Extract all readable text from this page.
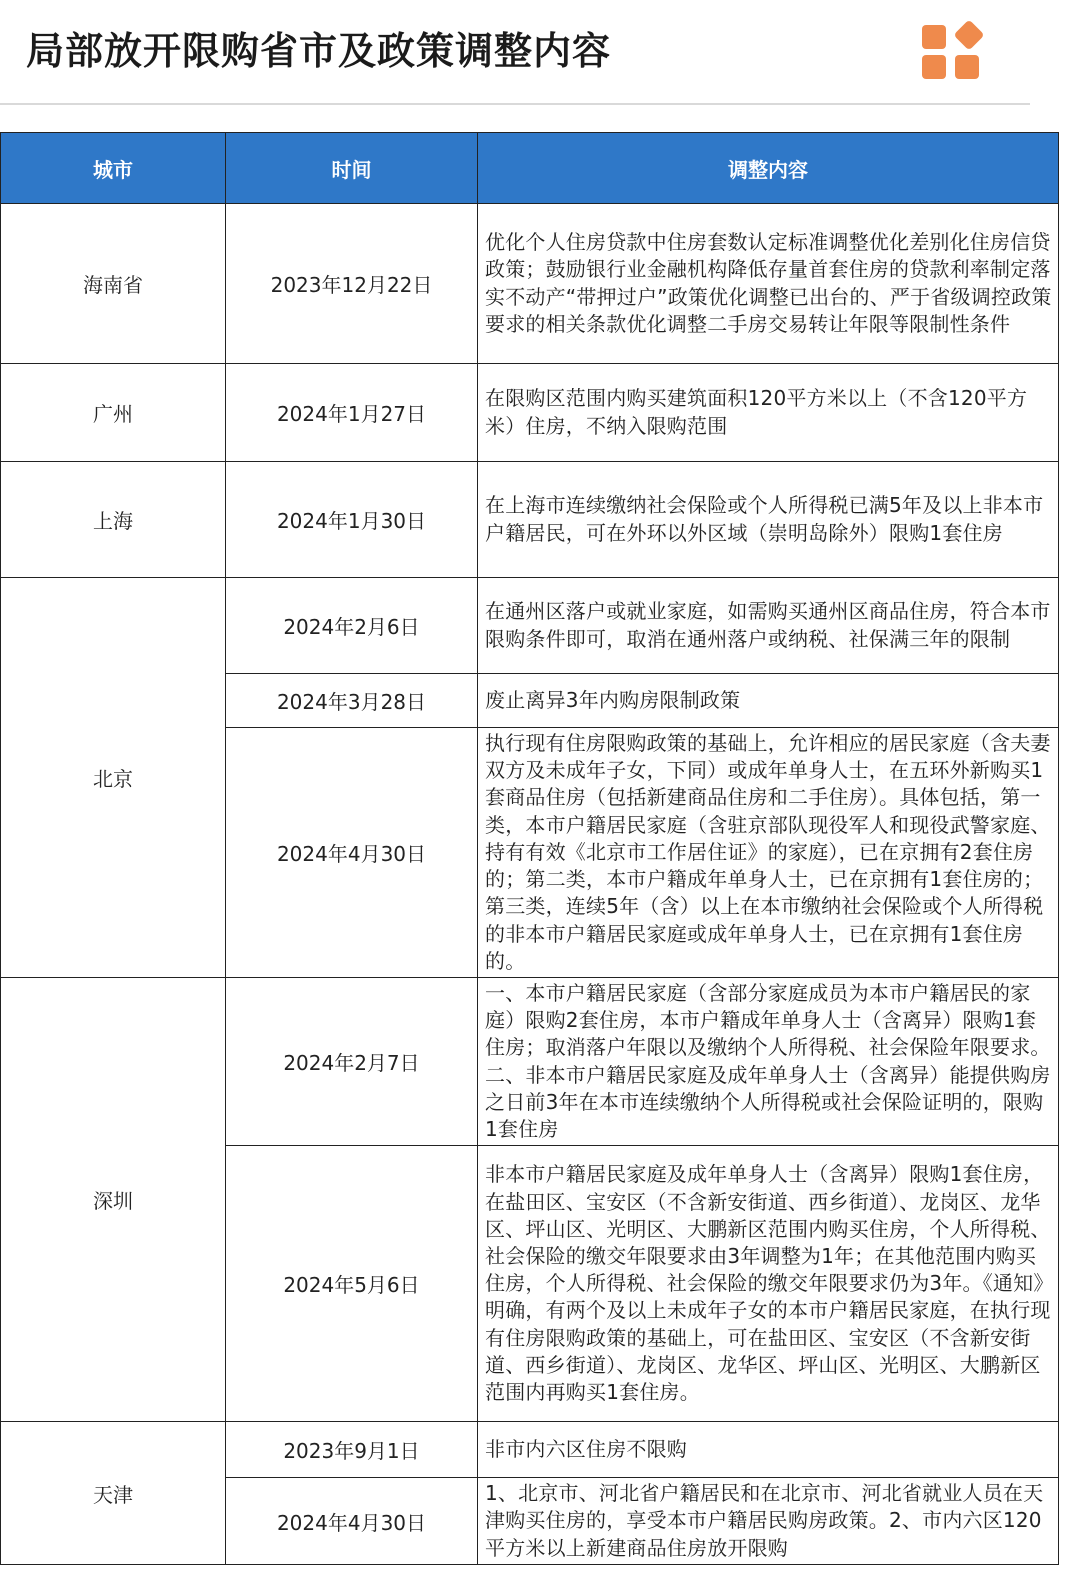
局部放开限购省市及政策调整内容
城市	时间	调整内容
海南省	2023年12月22日	优化个人住房贷款中住房套数认定标准调整优化差别化住房信贷政策；鼓励银行业金融机构降低存量首套住房的贷款利率制定落实不动产“带押过户”政策优化调整已出台的、严于省级调控政策要求的相关条款优化调整二手房交易转让年限等限制性条件
广州	2024年1月27日	在限购区范围内购买建筑面积120平方米以上（不含120平方米）住房，不纳入限购范围
上海	2024年1月30日	在上海市连续缴纳社会保险或个人所得税已满5年及以上非本市户籍居民，可在外环以外区域（崇明岛除外）限购1套住房
北京	2024年2月6日	在通州区落户或就业家庭，如需购买通州区商品住房，符合本市限购条件即可，取消在通州落户或纳税、社保满三年的限制
	2024年3月28日	废止离异3年内购房限制政策
	2024年4月30日	执行现有住房限购政策的基础上，允许相应的居民家庭（含夫妻双方及未成年子女，下同）或成年单身人士，在五环外新购买1套商品住房（包括新建商品住房和二手住房）。具体包括，第一类，本市户籍居民家庭（含驻京部队现役军人和现役武警家庭、持有有效《北京市工作居住证》的家庭），已在京拥有2套住房的；第二类，本市户籍成年单身人士，已在京拥有1套住房的；第三类，连续5年（含）以上在本市缴纳社会保险或个人所得税的非本市户籍居民家庭或成年单身人士，已在京拥有1套住房的。
深圳	2024年2月7日	一、本市户籍居民家庭（含部分家庭成员为本市户籍居民的家庭）限购2套住房，本市户籍成年单身人士（含离异）限购1套住房；取消落户年限以及缴纳个人所得税、社会保险年限要求。二、非本市户籍居民家庭及成年单身人士（含离异）能提供购房之日前3年在本市连续缴纳个人所得税或社会保险证明的，限购1套住房
	2024年5月6日	非本市户籍居民家庭及成年单身人士（含离异）限购1套住房，在盐田区、宝安区（不含新安街道、西乡街道）、龙岗区、龙华区、坪山区、光明区、大鹏新区范围内购买住房，个人所得税、社会保险的缴交年限要求由3年调整为1年；在其他范围内购买住房，个人所得税、社会保险的缴交年限要求仍为3年。《通知》明确，有两个及以上未成年子女的本市户籍居民家庭，在执行现有住房限购政策的基础上，可在盐田区、宝安区（不含新安街道、西乡街道）、龙岗区、龙华区、坪山区、光明区、大鹏新区范围内再购买1套住房。
天津	2023年9月1日	非市内六区住房不限购
	2024年4月30日	1、北京市、河北省户籍居民和在北京市、河北省就业人员在天津购买住房的，享受本市户籍居民购房政策。2、市内六区120平方米以上新建商品住房放开限购
